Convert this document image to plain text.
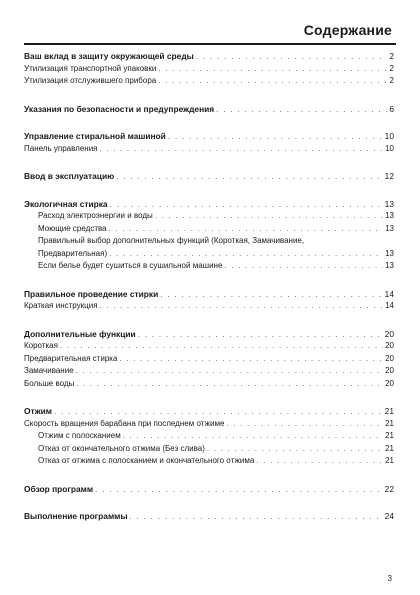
Содержание
Ваш вклад в защиту окружающей среды . . .	2
Утилизация транспортной упаковки . . .	2
Утилизация отслужившего прибора . . .	2
Указания по безопасности и предупреждения . . .	6
Управление стиральной машиной . . .	10
Панель управления . . .	10
Ввод в эксплуатацию . . .	12
Экологичная стирка . . .	13
Расход электроэнергии и воды . . .	13
Моющие средства . . .	13
Правильный выбор дополнительных функций (Короткая, Замачивание,
Предварительная) . . .	13
Если белье будет сушиться в сушильной машине . . .	13
Правильное проведение стирки . . .	14
Краткая инструкция . . .	14
Дополнительные функции . . .	20
Короткая . . .	20
Предварительная стирка . . .	20
Замачивание . . .	20
Больше воды . . .	20
Отжим . . .	21
Скорость вращения барабана при последнем отжиме . . .	21
Отжим с полосканием . . .	21
Отказ от окончательного отжима (Без слива) . . .	21
Отказ от отжима с полосканием и окончательного отжима . . .	21
Обзор программ . . .	22
Выполнение программы . . .	24
3
